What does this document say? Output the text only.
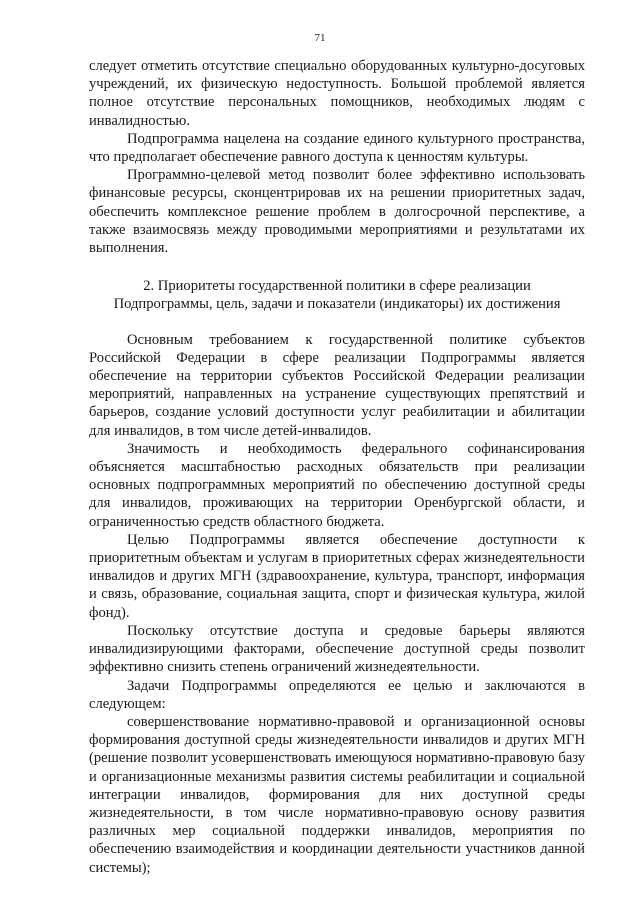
71

следует отметить отсутствие специально оборудованных культурно-досуговых учреждений, их физическую недоступность. Большой проблемой является полное отсутствие персональных помощников, необходимых людям с инвалидностью.

Подпрограмма нацелена на создание единого культурного пространства, что предполагает обеспечение равного доступа к ценностям культуры.

Программно-целевой метод позволит более эффективно использовать финансовые ресурсы, сконцентрировав их на решении приоритетных задач, обеспечить комплексное решение проблем в долгосрочной перспективе, а также взаимосвязь между проводимыми мероприятиями и результатами их выполнения.

2. Приоритеты государственной политики в сфере реализации
Подпрограммы, цель, задачи и показатели (индикаторы) их достижения

Основным требованием к государственной политике субъектов Российской Федерации в сфере реализации Подпрограммы является обеспечение на территории субъектов Российской Федерации реализации мероприятий, направленных на устранение существующих препятствий и барьеров, создание условий доступности услуг реабилитации и абилитации для инвалидов, в том числе детей-инвалидов.

Значимость и необходимость федерального софинансирования объясняется масштабностью расходных обязательств при реализации основных подпрограммных мероприятий по обеспечению доступной среды для инвалидов, проживающих на территории Оренбургской области, и ограниченностью средств областного бюджета.

Целью Подпрограммы является обеспечение доступности к приоритетным объектам и услугам в приоритетных сферах жизнедеятельности инвалидов и других МГН (здравоохранение, культура, транспорт, информация и связь, образование, социальная защита, спорт и физическая культура, жилой фонд).

Поскольку отсутствие доступа и средовые барьеры являются инвалидизирующими факторами, обеспечение доступной среды позволит эффективно снизить степень ограничений жизнедеятельности.

Задачи Подпрограммы определяются ее целью и заключаются в следующем:

совершенствование нормативно-правовой и организационной основы формирования доступной среды жизнедеятельности инвалидов и других МГН (решение позволит усовершенствовать имеющуюся нормативно-правовую базу и организационные механизмы развития системы реабилитации и социальной интеграции инвалидов, формирования для них доступной среды жизнедеятельности, в том числе нормативно-правовую основу развития различных мер социальной поддержки инвалидов, мероприятия по обеспечению взаимодействия и координации деятельности участников данной системы);
